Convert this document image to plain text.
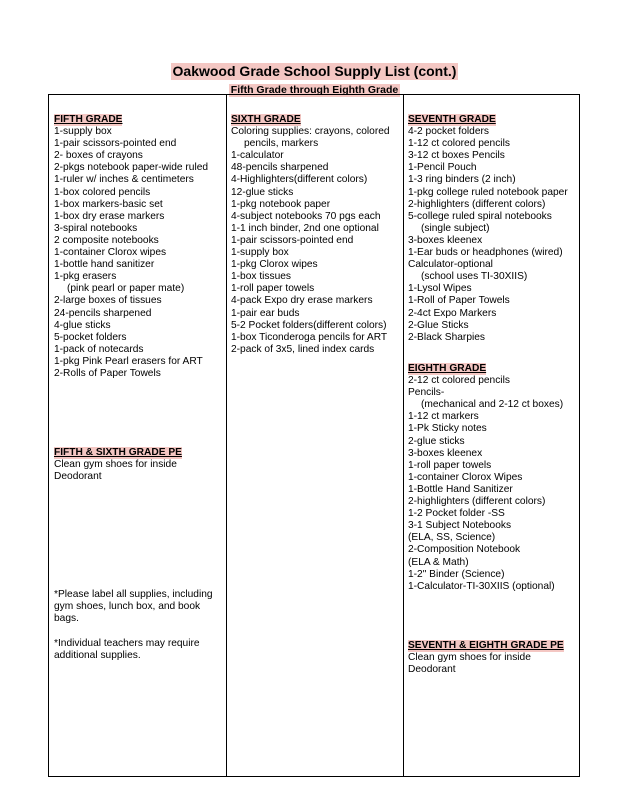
Oakwood Grade School Supply List (cont.)
Fifth Grade through Eighth Grade
FIFTH GRADE
1-supply box
1-pair scissors-pointed end
2- boxes of crayons
2-pkgs notebook paper-wide ruled
1-ruler w/ inches & centimeters
1-box colored pencils
1-box markers-basic set
1-box dry erase markers
3-spiral notebooks
2 composite notebooks
1-container Clorox wipes
1-bottle hand sanitizer
1-pkg erasers
(pink pearl or paper mate)
2-large boxes of tissues
24-pencils sharpened
4-glue sticks
5-pocket folders
1-pack of notecards
1-pkg Pink Pearl erasers for ART
2-Rolls of Paper Towels
FIFTH & SIXTH GRADE PE
Clean gym shoes for inside
Deodorant
*Please label all supplies, including
gym shoes, lunch box, and book
bags.
*Individual teachers may require
additional supplies.
SIXTH GRADE
Coloring supplies: crayons, colored
pencils, markers
1-calculator
48-pencils sharpened
4-Highlighters(different colors)
12-glue sticks
1-pkg notebook paper
4-subject notebooks 70 pgs each
1-1 inch binder, 2nd one optional
1-pair scissors-pointed end
1-supply box
1-pkg Clorox wipes
1-box tissues
1-roll paper towels
4-pack Expo dry erase markers
1-pair ear buds
5-2 Pocket folders(different colors)
1-box Ticonderoga pencils for ART
2-pack of 3x5, lined index cards
SEVENTH GRADE
4-2 pocket folders
1-12 ct colored pencils
3-12 ct boxes Pencils
1-Pencil Pouch
1-3 ring binders (2 inch)
1-pkg college ruled notebook paper
2-highlighters (different colors)
5-college ruled spiral notebooks
(single subject)
3-boxes kleenex
1-Ear buds or headphones (wired)
Calculator-optional
(school uses TI-30XIIS)
1-Lysol Wipes
1-Roll of Paper Towels
2-4ct Expo Markers
2-Glue Sticks
2-Black Sharpies
EIGHTH GRADE
2-12 ct colored pencils
Pencils-
(mechanical and 2-12 ct boxes)
1-12 ct markers
1-Pk Sticky notes
2-glue sticks
3-boxes kleenex
1-roll paper towels
1-container Clorox Wipes
1-Bottle Hand Sanitizer
2-highlighters (different colors)
1-2 Pocket folder -SS
3-1 Subject Notebooks
(ELA, SS, Science)
2-Composition Notebook
(ELA & Math)
1-2" Binder (Science)
1-Calculator-TI-30XIIS (optional)
SEVENTH & EIGHTH GRADE PE
Clean gym shoes for inside
Deodorant
